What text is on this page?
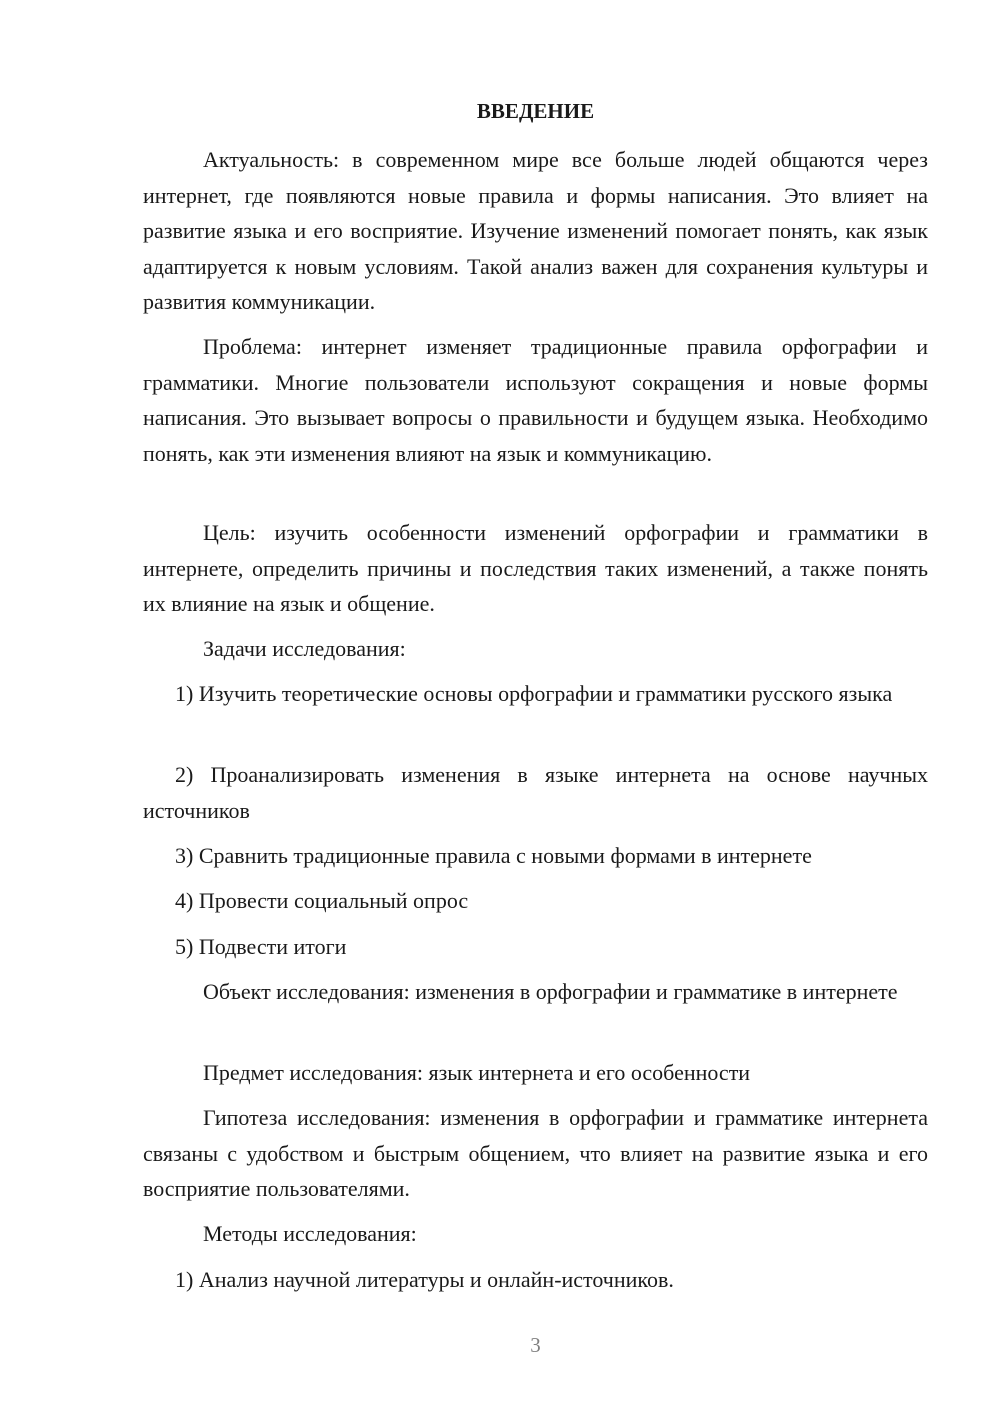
ВВЕДЕНИЕ

Актуальность: в современном мире все больше людей общаются через интернет, где появляются новые правила и формы написания. Это влияет на развитие языка и его восприятие. Изучение изменений помогает понять, как язык адаптируется к новым условиям. Такой анализ важен для сохранения культуры и развития коммуникации.

Проблема: интернет изменяет традиционные правила орфографии и грамматики. Многие пользователи используют сокращения и новые формы написания. Это вызывает вопросы о правильности и будущем языка. Необходимо понять, как эти изменения влияют на язык и коммуникацию.

Цель: изучить особенности изменений орфографии и грамматики в интернете, определить причины и последствия таких изменений, а также понять их влияние на язык и общение.

Задачи исследования:

1) Изучить теоретические основы орфографии и грамматики русского языка

2) Проанализировать изменения в языке интернета на основе научных источников

3) Сравнить традиционные правила с новыми формами в интернете

4) Провести социальный опрос

5) Подвести итоги

Объект исследования: изменения в орфографии и грамматике в интернете

Предмет исследования: язык интернета и его особенности

Гипотеза исследования: изменения в орфографии и грамматике интернета связаны с удобством и быстрым общением, что влияет на развитие языка и его восприятие пользователями.

Методы исследования:

1) Анализ научной литературы и онлайн-источников.

3
